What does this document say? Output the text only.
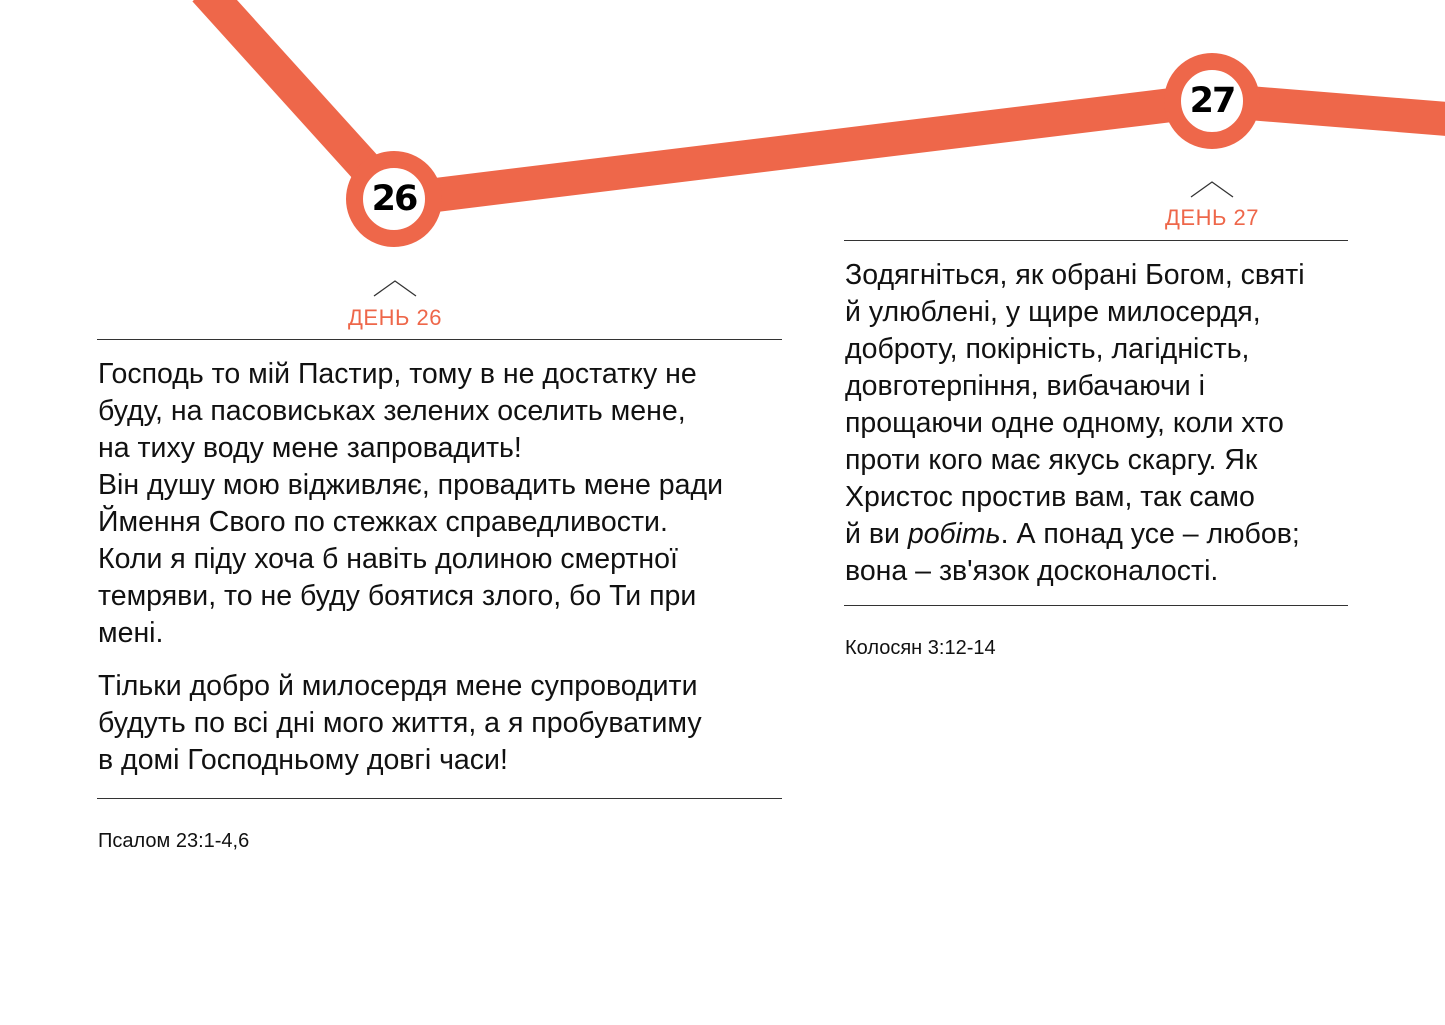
26
27
ДЕНЬ 26

Господь то мій Пастир, тому в не достатку не

буду, на пасовиськах зелених оселить мене,

на тиху воду мене запровадить!

Він душу мою відживляє, провадить мене ради

Ймення Свого по стежках справедливости.

Коли я піду хоча б навіть долиною смертної

темряви, то не буду боятися злого, бо Ти при

мені.

Тільки добро й милосердя мене супроводити

будуть по всі дні мого життя, а я пробуватиму

в домі Господньому довгі часи!

Псалом 23:1-4,6
ДЕНЬ 27

Зодягніться, як обрані Богом, святі

й улюблені, у щире милосердя,

доброту, покірність, лагідність,

довготерпіння, вибачаючи і

прощаючи одне одному, коли хто

проти кого має якусь скаргу. Як

Христос простив вам, так само

й ви робіть. А понад усе – любов;

вона – зв'язок досконалості.

Колосян 3:12-14
